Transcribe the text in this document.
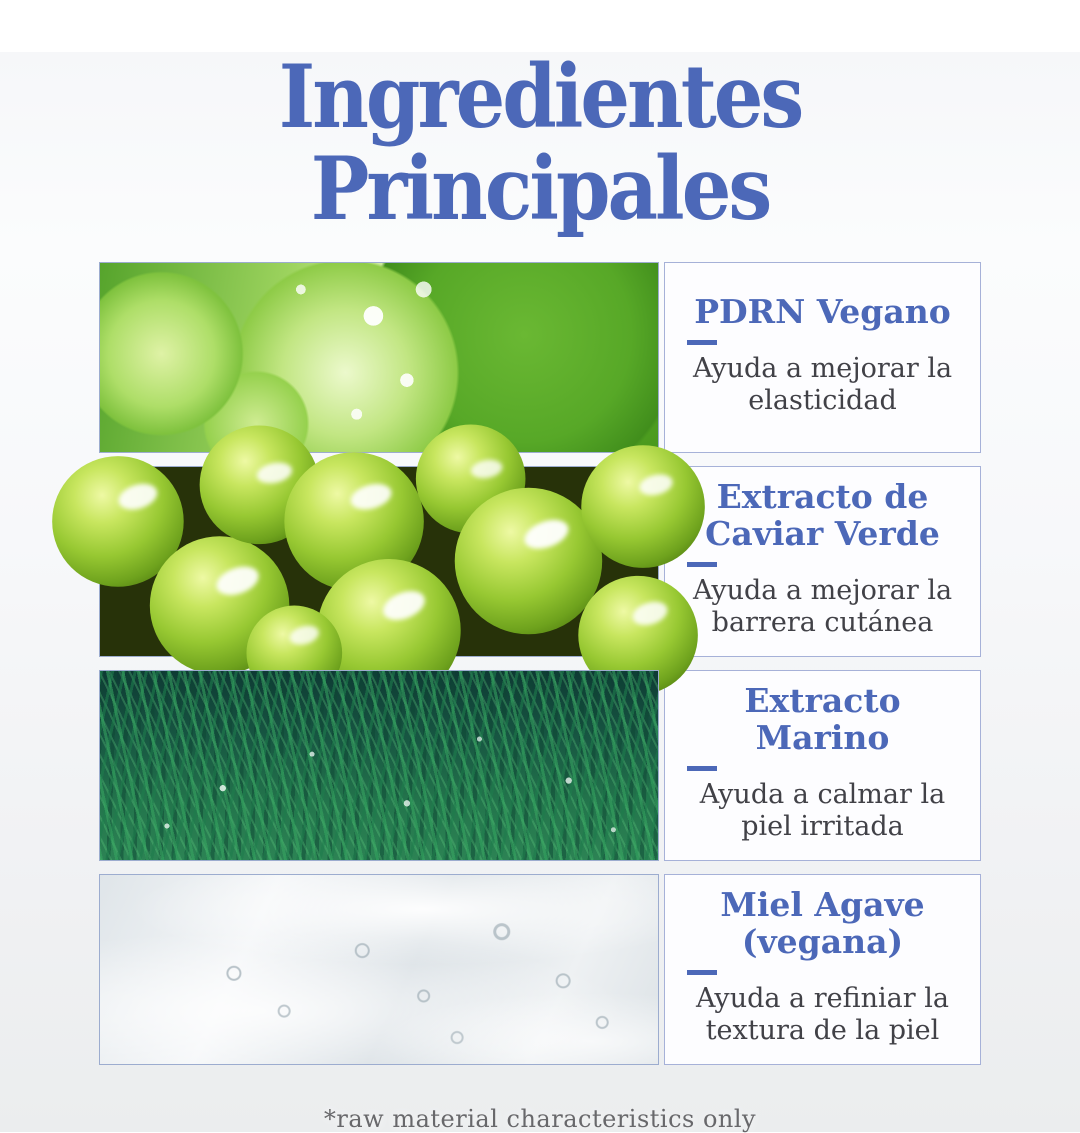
Ingredientes Principales
PDRN Vegano

Ayuda a mejorar la elasticidad

Extracto de Caviar Verde

Ayuda a mejorar la barrera cutánea

Extracto Marino

Ayuda a calmar la piel irritada

Miel Agave (vegana)

Ayuda a refiniar la textura de la piel

*raw material characteristics only
